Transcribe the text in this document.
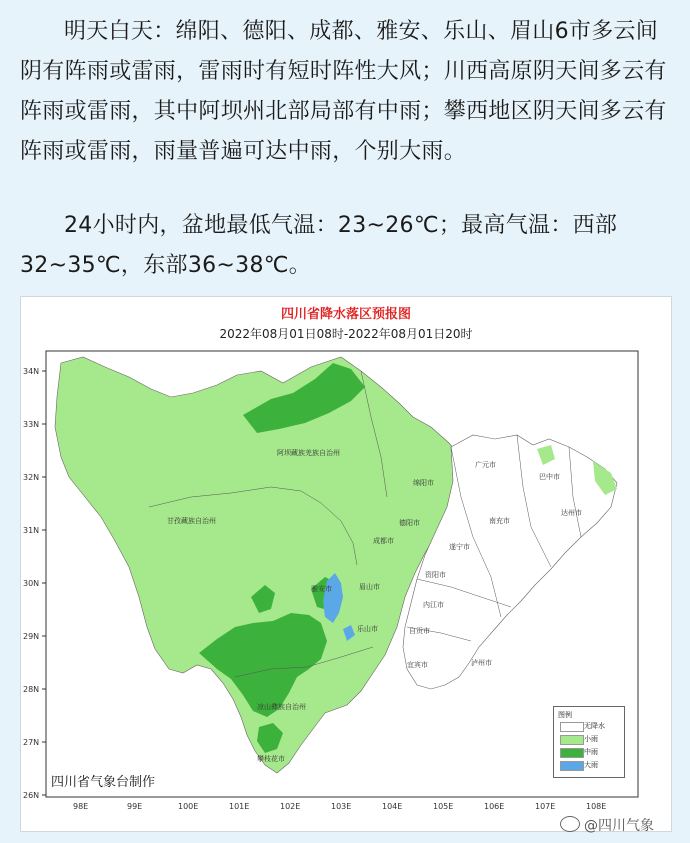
明天白天：绵阳、德阳、成都、雅安、乐山、眉山6市多云间阴有阵雨或雷雨，雷雨时有短时阵性大风；川西高原阴天间多云有阵雨或雷雨，其中阿坝州北部局部有中雨；攀西地区阴天间多云有阵雨或雷雨，雨量普遍可达中雨，个别大雨。
24小时内，盆地最低气温：23~26℃；最高气温：西部32~35℃，东部36~38℃。
四川省降水落区预报图
2022年08月01日08时-2022年08月01日20时
34N
33N
32N
31N
30N
29N
28N
27N
26N
98E	99E	100E	101E	102E	103E	104E	105E	106E	107E	108E
阿坝藏族羌族自治州
甘孜藏族自治州
凉山彝族自治州
广元市
巴中市
绵阳市
达州市
南充市
德阳市
成都市
遂宁市
雅安市	眉山市
资阳市
乐山市
内江市
自贡市
宜宾市	泸州市
攀枝花市
四川省气象台制作
图例
无降水
小雨
中雨
大雨
@四川气象
